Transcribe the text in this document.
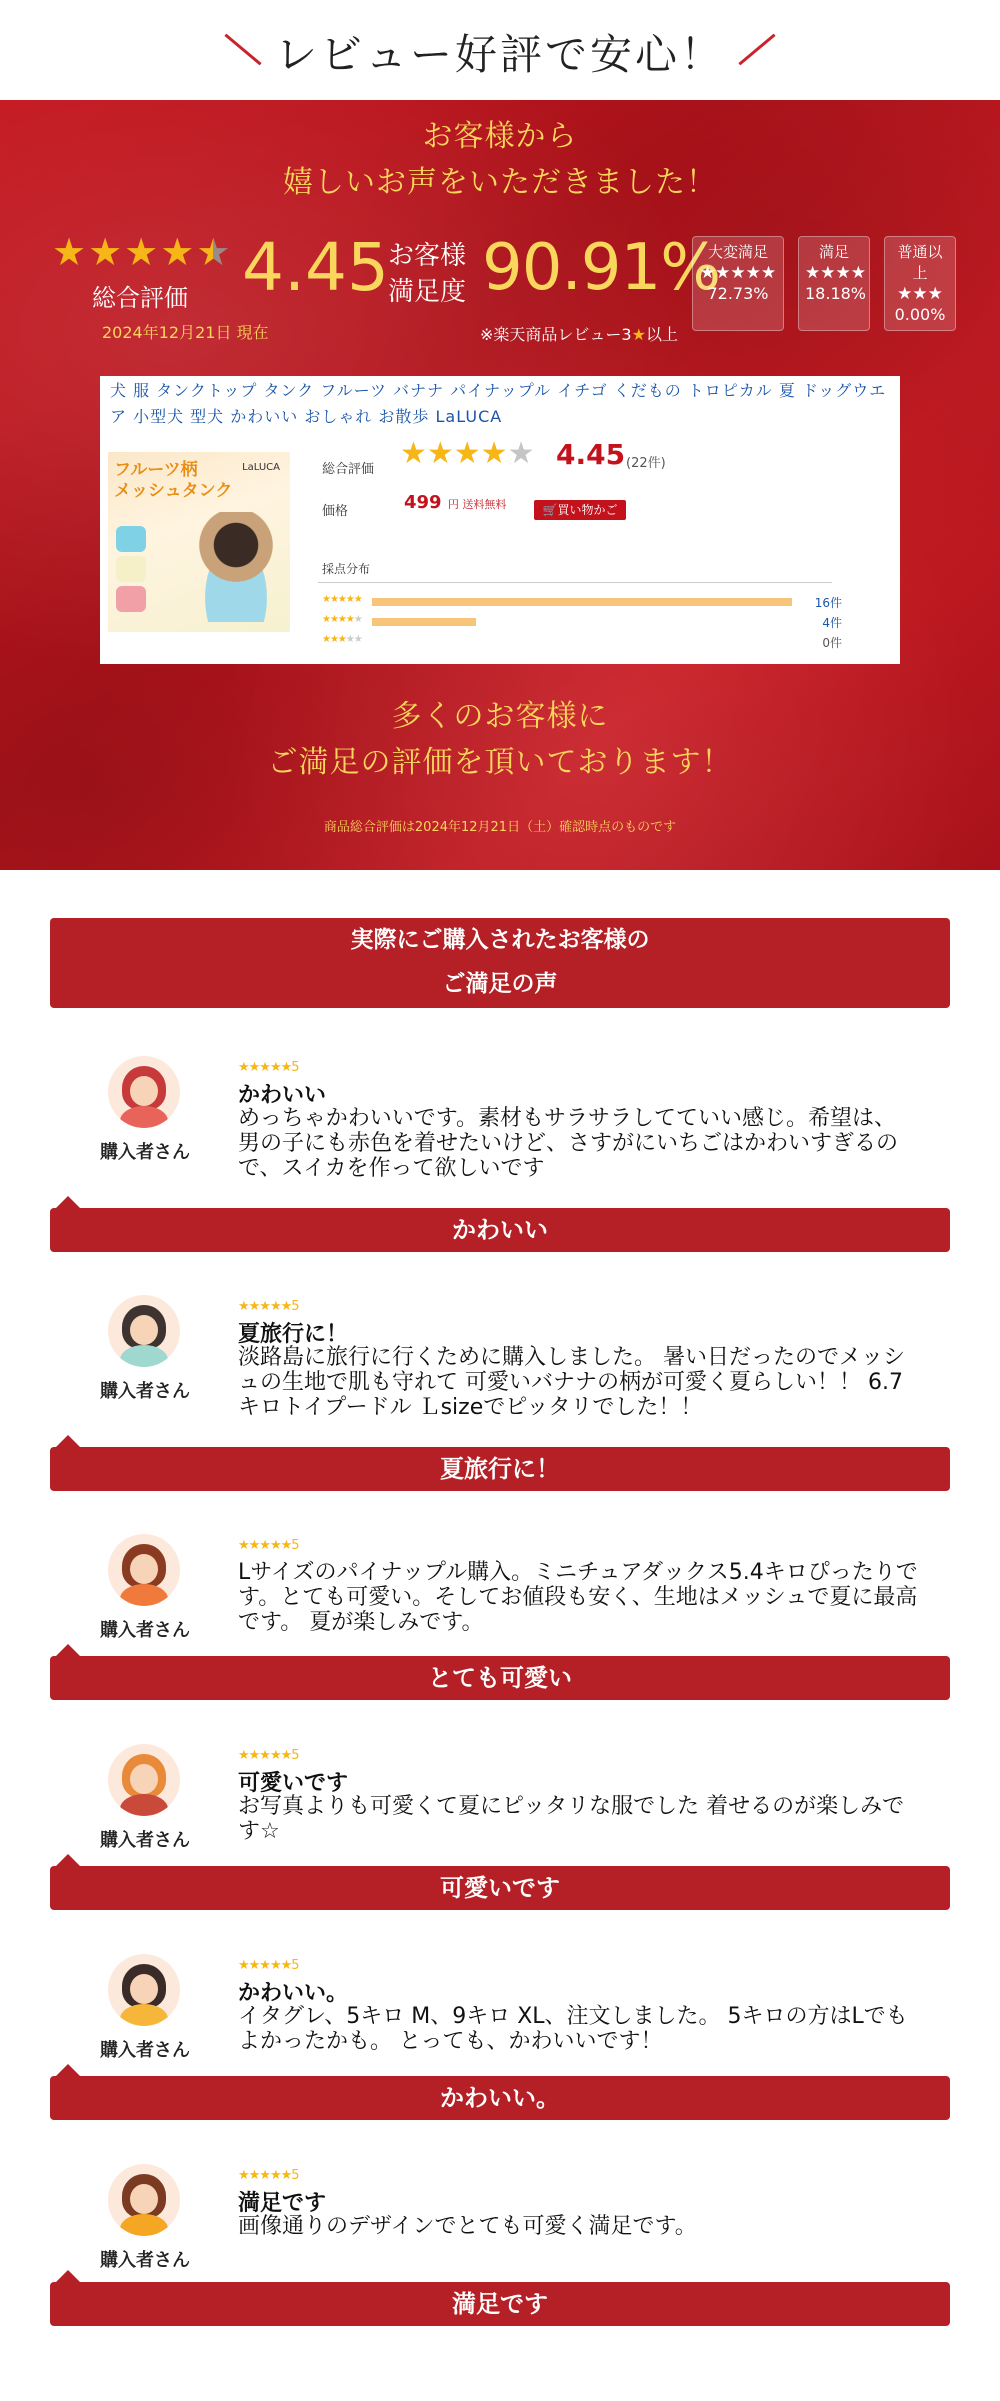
レビュー好評で安心！
お客様から
嬉しいお声をいただきました！
★ ★ ★ ★ ★
総合評価
2024年12月21日 現在
4.45 お客様
満足度 90.91%
※楽天商品レビュー3★以上
大変満足
★★★★★
72.73%
満足
★★★★
18.18%
普通以上
★★★
0.00%
犬 服 タンクトップ タンク フルーツ バナナ パイナップル イチゴ くだもの トロピカル 夏 ドッグウエア 小型犬 型犬 かわいい おしゃれ お散歩 LaLUCA
フルーツ柄
メッシュタンク
LaLUCA	総合評価 ★★★★★ 4.45 (22件)
価格	499 円 送料無料	🛒買い物かご
採点分布
★★★★★	16件
★★★★★	4件
★★★★★	0件
多くのお客様に
ご満足の評価を頂いております！
商品総合評価は2024年12月21日（土）確認時点のものです
実際にご購入されたお客様の
ご満足の声
購入者さん
★★★★★5
かわいい
めっちゃかわいいです。素材もサラサラしてていい感じ。希望は、男の子にも赤色を着せたいけど、さすがにいちごはかわいすぎるので、スイカを作って欲しいです
かわいい
購入者さん
★★★★★5
夏旅行に！
淡路島に旅行に行くために購入しました。 暑い日だったのでメッシュの生地で肌も守れて 可愛いバナナの柄が可愛く夏らしい！！ 6.7キロトイプードル Ｌsizeでピッタリでした！！
夏旅行に！
購入者さん
★★★★★5
Lサイズのパイナップル購入。ミニチュアダックス5.4キロぴったりです。とても可愛い。そしてお値段も安く、生地はメッシュで夏に最高です。 夏が楽しみです。
とても可愛い
購入者さん
★★★★★5
可愛いです
お写真よりも可愛くて夏にピッタリな服でした 着せるのが楽しみです☆
可愛いです
購入者さん
★★★★★5
かわいい。
イタグレ、5キロ M、9キロ XL、注文しました。 5キロの方はLでもよかったかも。 とっても、かわいいです！
かわいい。
購入者さん
★★★★★5
満足です
画像通りのデザインでとても可愛く満足です。
満足です
